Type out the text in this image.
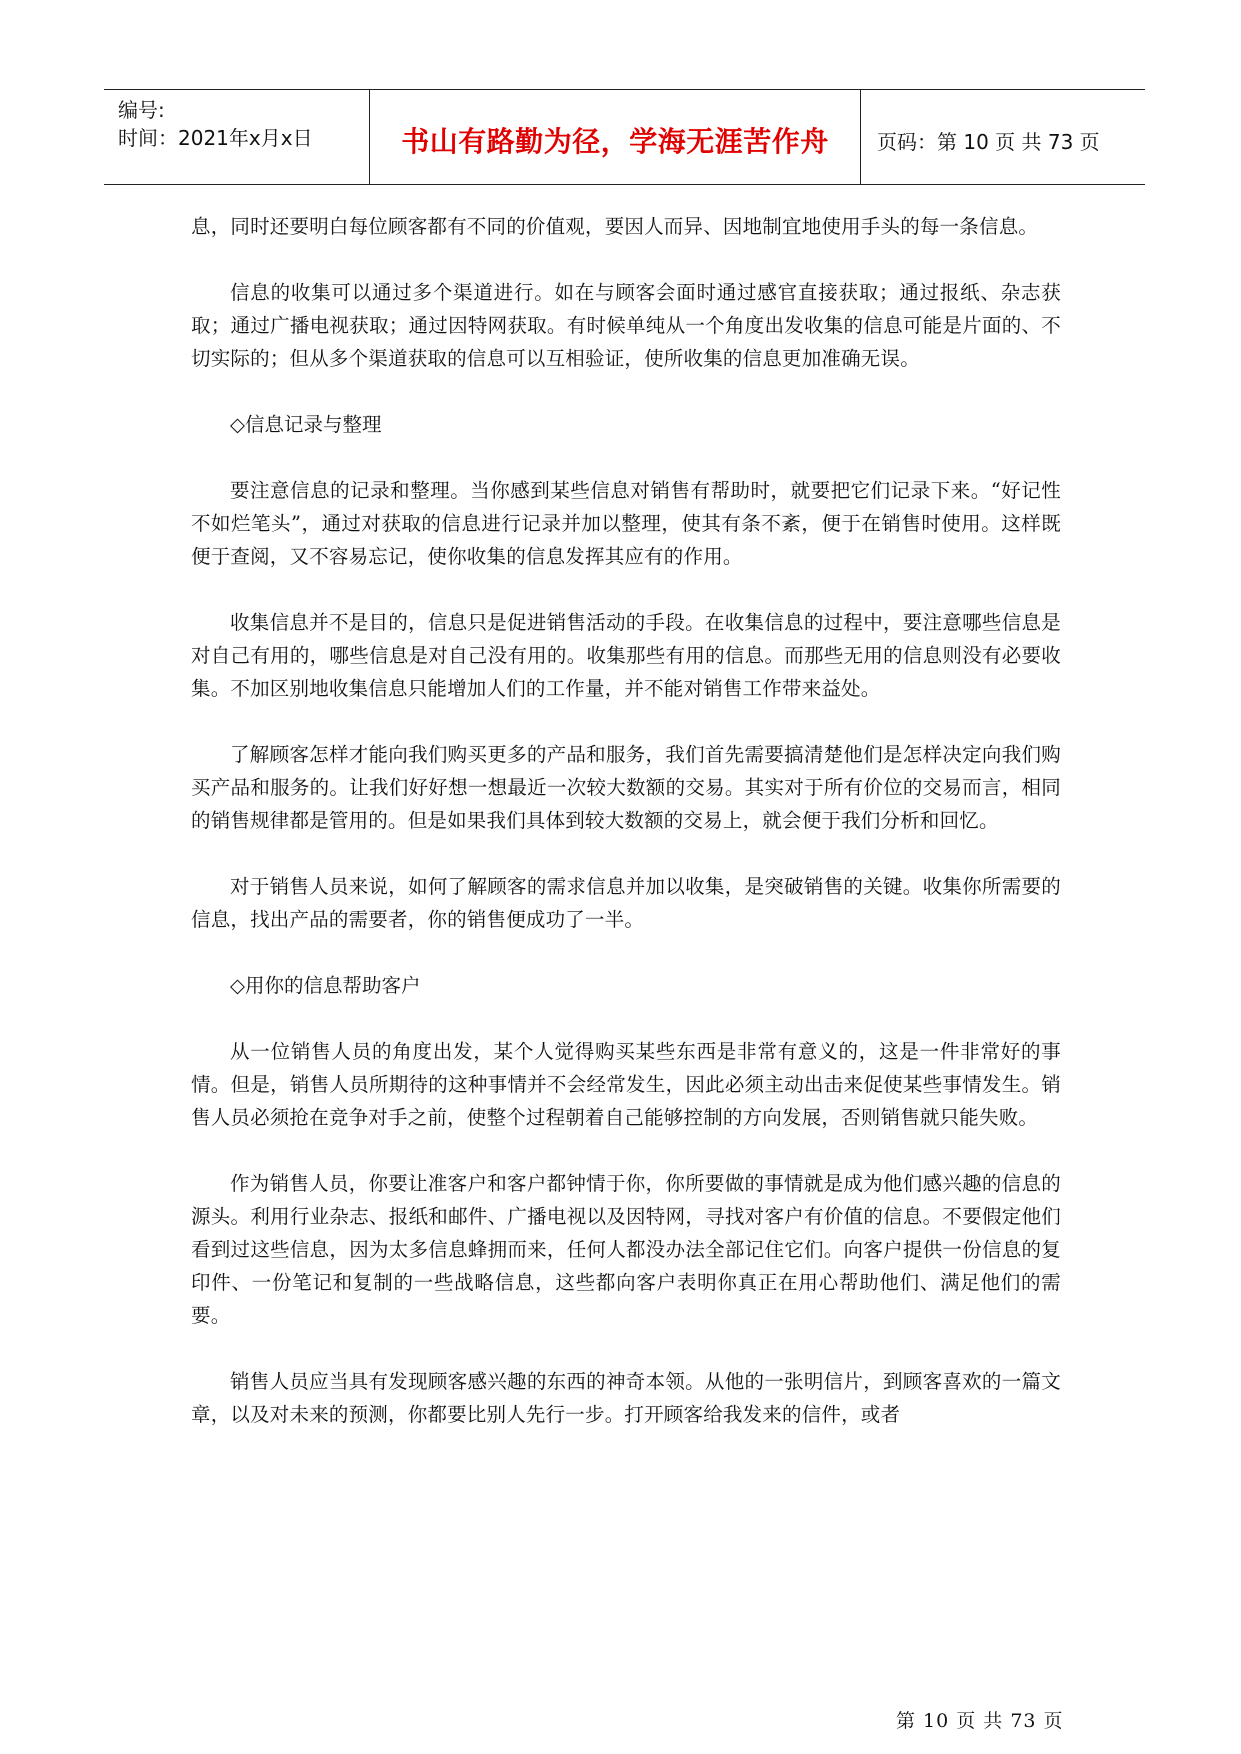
编号:
时间：2021年x月x日	书山有路勤为径，学海无涯苦作舟	页码：第 10 页 共 73 页

息，同时还要明白每位顾客都有不同的价值观，要因人而异、因地制宜地使用手头的每一条信息。

信息的收集可以通过多个渠道进行。如在与顾客会面时通过感官直接获取；通过报纸、杂志获取；通过广播电视获取；通过因特网获取。有时候单纯从一个角度出发收集的信息可能是片面的、不切实际的；但从多个渠道获取的信息可以互相验证，使所收集的信息更加准确无误。

◇信息记录与整理

要注意信息的记录和整理。当你感到某些信息对销售有帮助时，就要把它们记录下来。“好记性不如烂笔头”，通过对获取的信息进行记录并加以整理，使其有条不紊，便于在销售时使用。这样既便于查阅，又不容易忘记，使你收集的信息发挥其应有的作用。

收集信息并不是目的，信息只是促进销售活动的手段。在收集信息的过程中，要注意哪些信息是对自己有用的，哪些信息是对自己没有用的。收集那些有用的信息。而那些无用的信息则没有必要收集。不加区别地收集信息只能增加人们的工作量，并不能对销售工作带来益处。

了解顾客怎样才能向我们购买更多的产品和服务，我们首先需要搞清楚他们是怎样决定向我们购买产品和服务的。让我们好好想一想最近一次较大数额的交易。其实对于所有价位的交易而言，相同的销售规律都是管用的。但是如果我们具体到较大数额的交易上，就会便于我们分析和回忆。

对于销售人员来说，如何了解顾客的需求信息并加以收集，是突破销售的关键。收集你所需要的信息，找出产品的需要者，你的销售便成功了一半。

◇用你的信息帮助客户

从一位销售人员的角度出发，某个人觉得购买某些东西是非常有意义的，这是一件非常好的事情。但是，销售人员所期待的这种事情并不会经常发生，因此必须主动出击来促使某些事情发生。销售人员必须抢在竞争对手之前，使整个过程朝着自己能够控制的方向发展，否则销售就只能失败。

作为销售人员，你要让准客户和客户都钟情于你，你所要做的事情就是成为他们感兴趣的信息的源头。利用行业杂志、报纸和邮件、广播电视以及因特网，寻找对客户有价值的信息。不要假定他们看到过这些信息，因为太多信息蜂拥而来，任何人都没办法全部记住它们。向客户提供一份信息的复印件、一份笔记和复制的一些战略信息，这些都向客户表明你真正在用心帮助他们、满足他们的需要。

销售人员应当具有发现顾客感兴趣的东西的神奇本领。从他的一张明信片，到顾客喜欢的一篇文章，以及对未来的预测，你都要比别人先行一步。打开顾客给我发来的信件，或者

第 10 页 共 73 页
